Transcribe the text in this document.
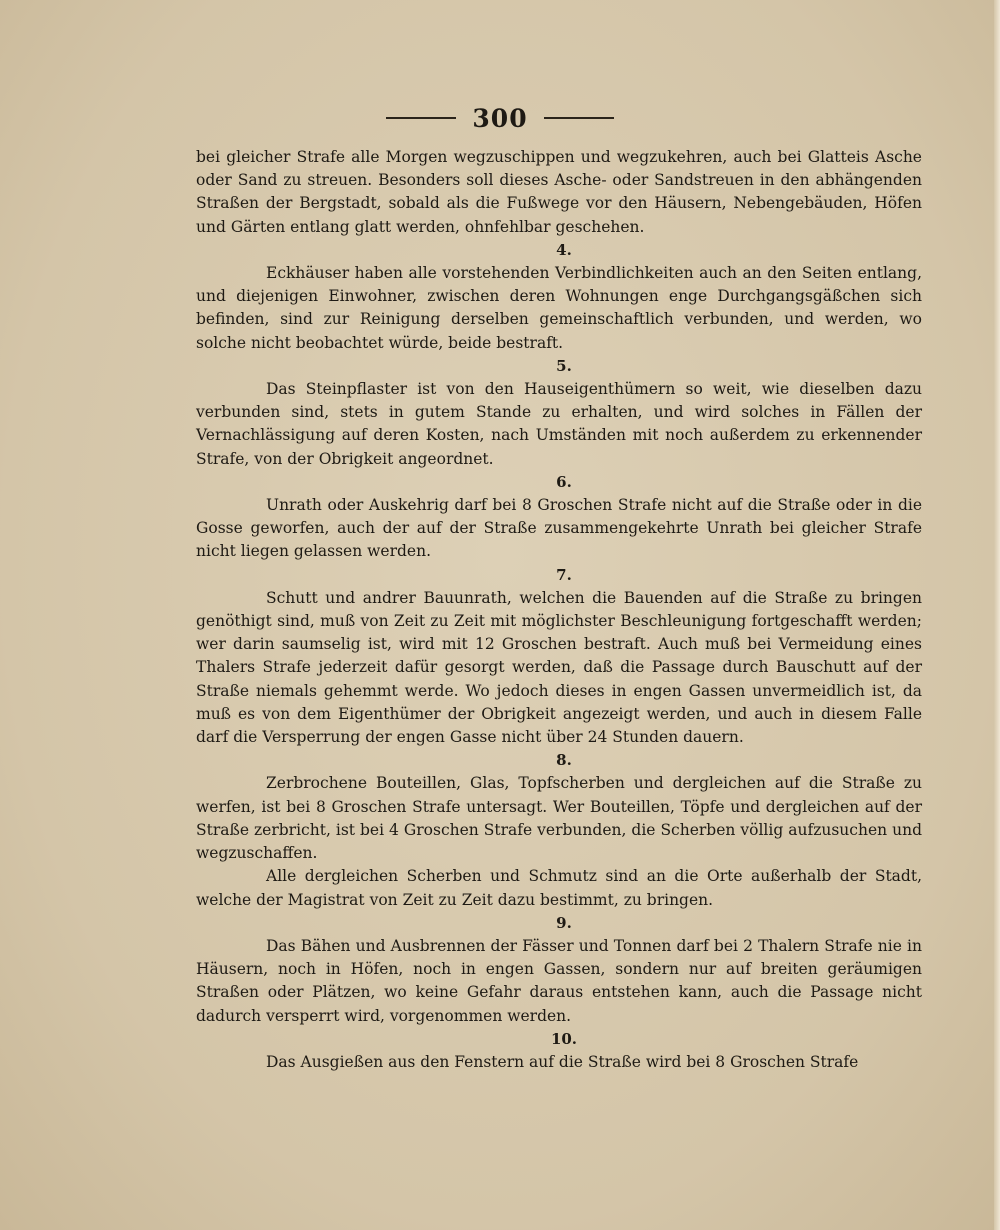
300

bei gleicher Strafe alle Morgen wegzuschippen und wegzukehren, auch bei Glatteis Asche oder Sand zu streuen. Besonders soll dieses Asche- oder Sandstreuen in den abhängenden Straßen der Bergstadt, sobald als die Fußwege vor den Häusern, Nebengebäuden, Höfen und Gärten entlang glatt werden, ohnfehlbar geschehen.

4.

Eckhäuser haben alle vorstehenden Verbindlichkeiten auch an den Seiten entlang, und diejenigen Einwohner, zwischen deren Wohnungen enge Durchgangsgäßchen sich befinden, sind zur Reinigung derselben gemeinschaftlich verbunden, und werden, wo solche nicht beobachtet würde, beide bestraft.

5.

Das Steinpflaster ist von den Hauseigenthümern so weit, wie dieselben dazu verbunden sind, stets in gutem Stande zu erhalten, und wird solches in Fällen der Vernachlässigung auf deren Kosten, nach Umständen mit noch außerdem zu erkennender Strafe, von der Obrigkeit angeordnet.

6.

Unrath oder Auskehrig darf bei 8 Groschen Strafe nicht auf die Straße oder in die Gosse geworfen, auch der auf der Straße zusammengekehrte Unrath bei gleicher Strafe nicht liegen gelassen werden.

7.

Schutt und andrer Bauunrath, welchen die Bauenden auf die Straße zu bringen genöthigt sind, muß von Zeit zu Zeit mit möglichster Beschleunigung fortgeschafft werden; wer darin saumselig ist, wird mit 12 Groschen bestraft. Auch muß bei Vermeidung eines Thalers Strafe jederzeit dafür gesorgt werden, daß die Passage durch Bauschutt auf der Straße niemals gehemmt werde. Wo jedoch dieses in engen Gassen unvermeidlich ist, da muß es von dem Eigenthümer der Obrigkeit angezeigt werden, und auch in diesem Falle darf die Versperrung der engen Gasse nicht über 24 Stunden dauern.

8.

Zerbrochene Bouteillen, Glas, Topfscherben und dergleichen auf die Straße zu werfen, ist bei 8 Groschen Strafe untersagt. Wer Bouteillen, Töpfe und dergleichen auf der Straße zerbricht, ist bei 4 Groschen Strafe verbunden, die Scherben völlig aufzusuchen und wegzuschaffen.

Alle dergleichen Scherben und Schmutz sind an die Orte außerhalb der Stadt, welche der Magistrat von Zeit zu Zeit dazu bestimmt, zu bringen.

9.

Das Bähen und Ausbrennen der Fässer und Tonnen darf bei 2 Thalern Strafe nie in Häusern, noch in Höfen, noch in engen Gassen, sondern nur auf breiten geräumigen Straßen oder Plätzen, wo keine Gefahr daraus entstehen kann, auch die Passage nicht dadurch versperrt wird, vorgenommen werden.

10.

Das Ausgießen aus den Fenstern auf die Straße wird bei 8 Groschen Strafe
